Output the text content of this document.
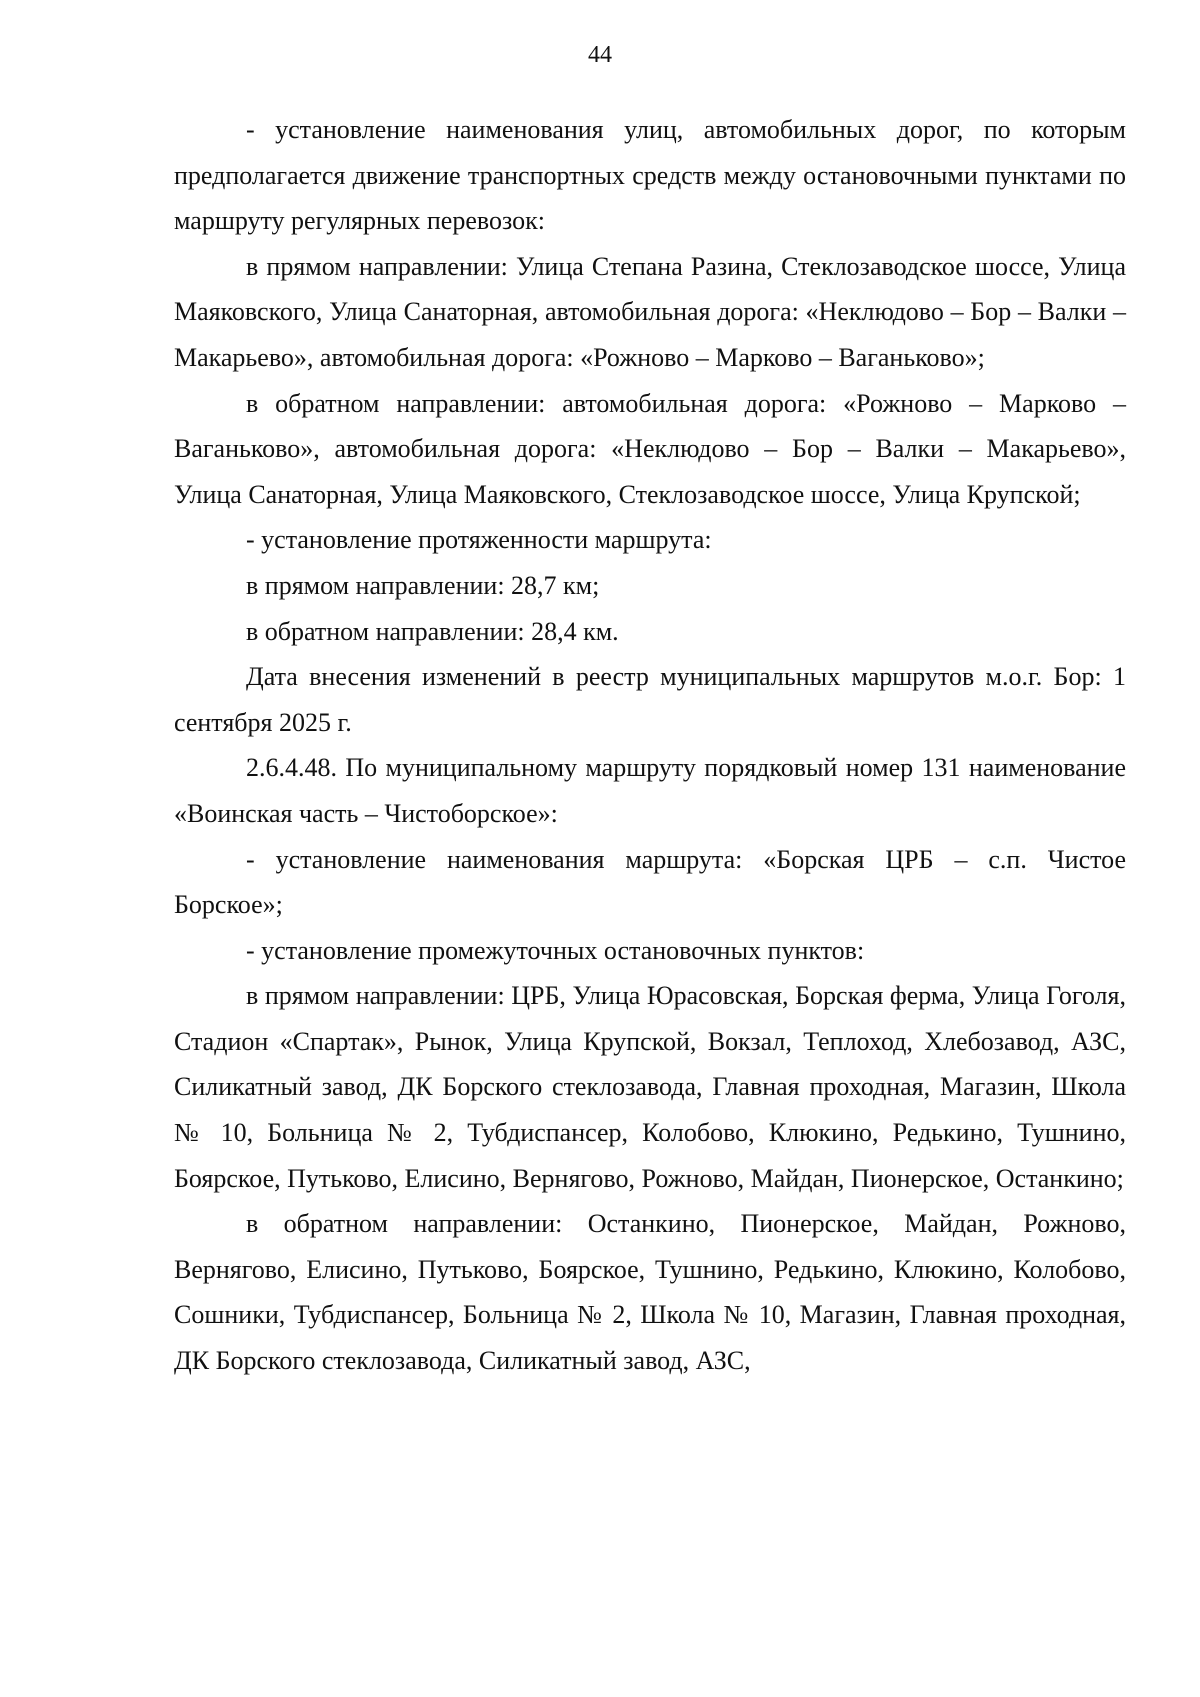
44

- установление наименования улиц, автомобильных дорог, по которым предполагается движение транспортных средств между остановочными пунктами по маршруту регулярных перевозок:

в прямом направлении: Улица Степана Разина, Стеклозаводское шоссе, Улица Маяковского, Улица Санаторная, автомобильная дорога: «Неклюдово – Бор – Валки – Макарьево», автомобильная дорога: «Рожново – Марково – Ваганьково»;

в обратном направлении: автомобильная дорога: «Рожново – Марково – Ваганьково», автомобильная дорога: «Неклюдово – Бор – Валки – Макарьево», Улица Санаторная, Улица Маяковского, Стеклозаводское шоссе, Улица Крупской;

- установление протяженности маршрута:

в прямом направлении: 28,7 км;

в обратном направлении: 28,4 км.

Дата внесения изменений в реестр муниципальных маршрутов м.о.г. Бор: 1 сентября 2025 г.

2.6.4.48. По муниципальному маршруту порядковый номер 131 наименование «Воинская часть – Чистоборское»:

- установление наименования маршрута: «Борская ЦРБ – с.п. Чистое Борское»;

- установление промежуточных остановочных пунктов:

в прямом направлении: ЦРБ, Улица Юрасовская, Борская ферма, Улица Гоголя, Стадион «Спартак», Рынок, Улица Крупской, Вокзал, Теплоход, Хлебозавод, АЗС, Силикатный завод, ДК Борского стеклозавода, Главная проходная, Магазин, Школа № 10, Больница № 2, Тубдиспансер, Колобово, Клюкино, Редькино, Тушнино, Боярское, Путьково, Елисино, Вернягово, Рожново, Майдан, Пионерское, Останкино;

в обратном направлении: Останкино, Пионерское, Майдан, Рожново, Вернягово, Елисино, Путьково, Боярское, Тушнино, Редькино, Клюкино, Колобово, Сошники, Тубдиспансер, Больница № 2, Школа № 10, Магазин, Главная проходная, ДК Борского стеклозавода, Силикатный завод, АЗС,
